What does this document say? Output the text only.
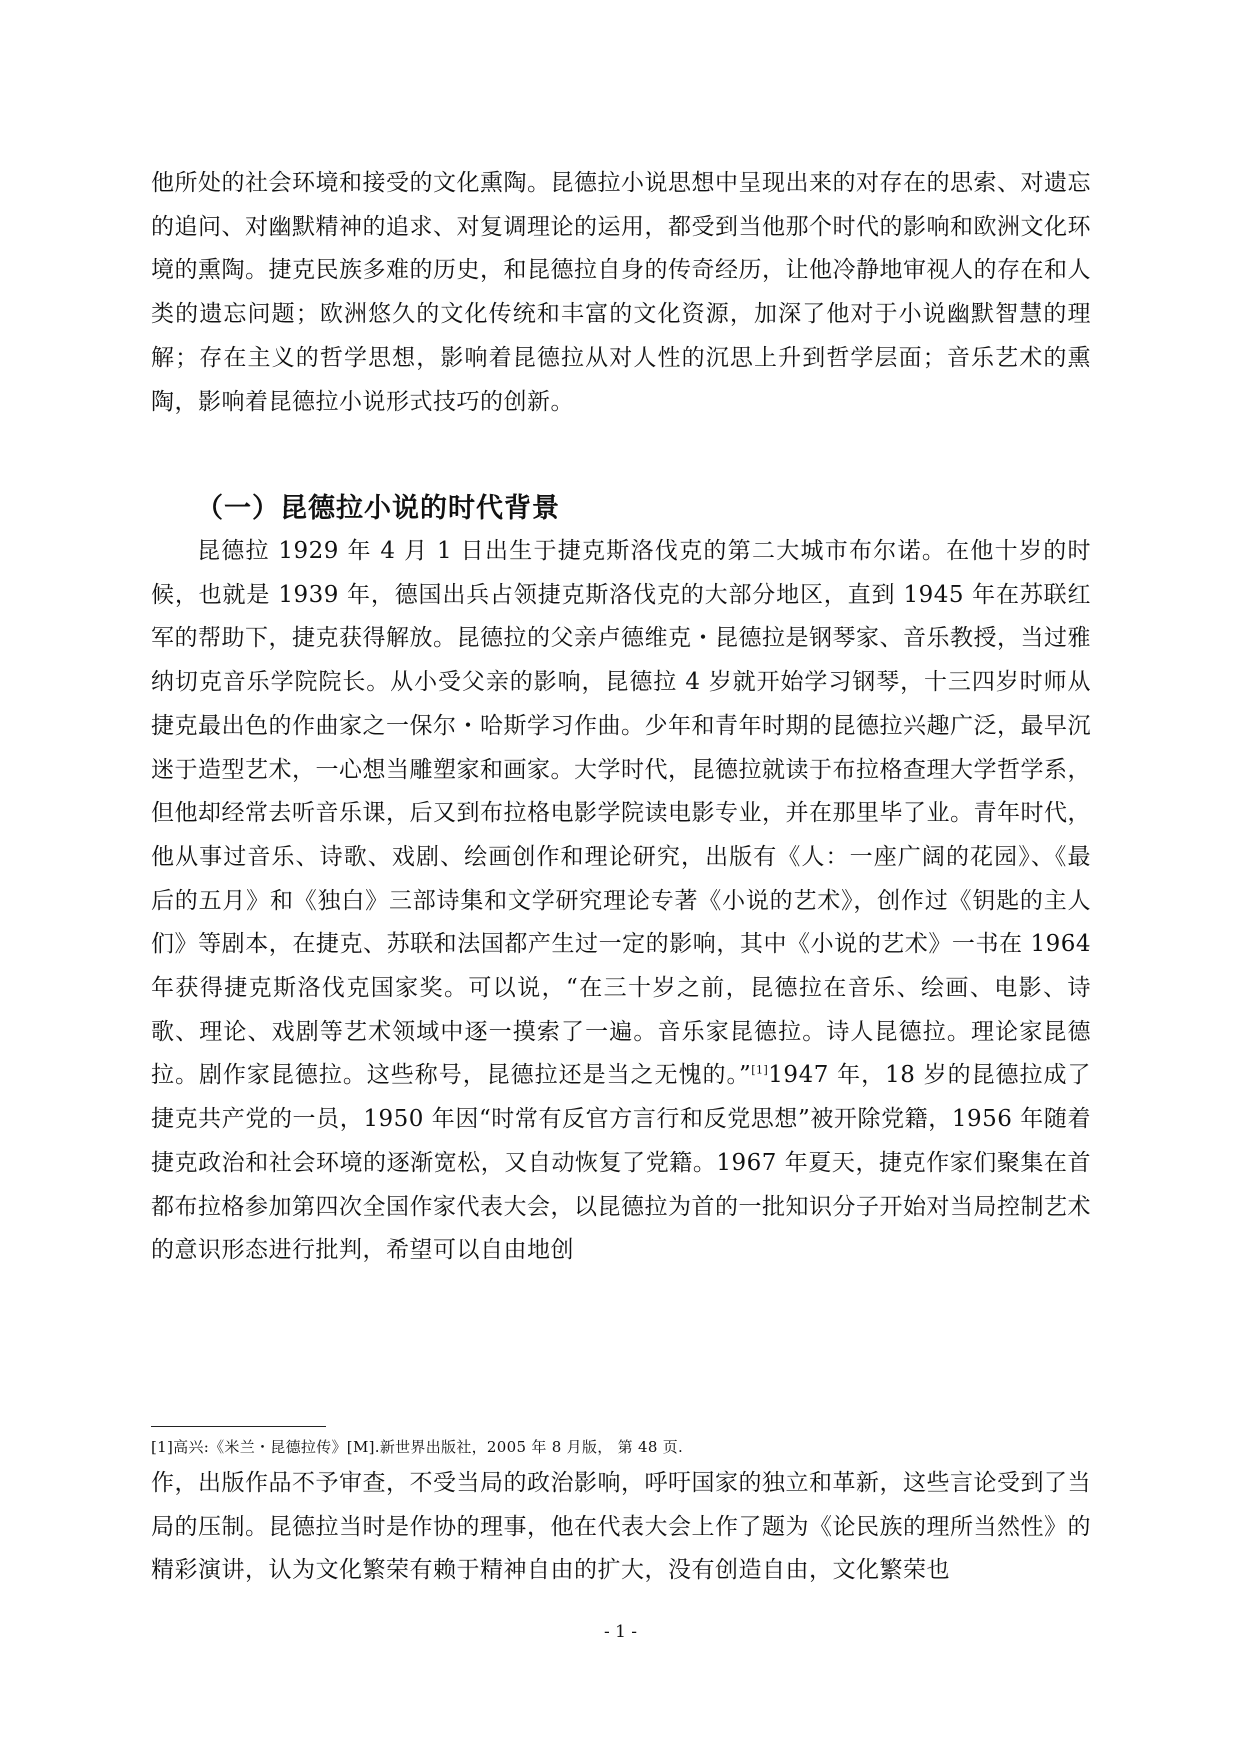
他所处的社会环境和接受的文化熏陶。昆德拉小说思想中呈现出来的对存在的思索、对遗忘的追问、对幽默精神的追求、对复调理论的运用，都受到当他那个时代的影响和欧洲文化环境的熏陶。捷克民族多难的历史，和昆德拉自身的传奇经历，让他冷静地审视人的存在和人类的遗忘问题；欧洲悠久的文化传统和丰富的文化资源，加深了他对于小说幽默智慧的理解；存在主义的哲学思想，影响着昆德拉从对人性的沉思上升到哲学层面；音乐艺术的熏陶，影响着昆德拉小说形式技巧的创新。

（一）昆德拉小说的时代背景

昆德拉 1929 年 4 月 1 日出生于捷克斯洛伐克的第二大城市布尔诺。在他十岁的时候，也就是 1939 年，德国出兵占领捷克斯洛伐克的大部分地区，直到 1945 年在苏联红军的帮助下，捷克获得解放。昆德拉的父亲卢德维克・昆德拉是钢琴家、音乐教授，当过雅纳切克音乐学院院长。从小受父亲的影响，昆德拉 4 岁就开始学习钢琴，十三四岁时师从捷克最出色的作曲家之一保尔・哈斯学习作曲。少年和青年时期的昆德拉兴趣广泛，最早沉迷于造型艺术，一心想当雕塑家和画家。大学时代，昆德拉就读于布拉格查理大学哲学系，但他却经常去听音乐课，后又到布拉格电影学院读电影专业，并在那里毕了业。青年时代，他从事过音乐、诗歌、戏剧、绘画创作和理论研究，出版有《人：一座广阔的花园》、《最后的五月》和《独白》三部诗集和文学研究理论专著《小说的艺术》，创作过《钥匙的主人们》等剧本，在捷克、苏联和法国都产生过一定的影响，其中《小说的艺术》一书在 1964 年获得捷克斯洛伐克国家奖。可以说，“在三十岁之前，昆德拉在音乐、绘画、电影、诗歌、理论、戏剧等艺术领域中逐一摸索了一遍。音乐家昆德拉。诗人昆德拉。理论家昆德拉。剧作家昆德拉。这些称号，昆德拉还是当之无愧的。”[1]1947 年，18 岁的昆德拉成了捷克共产党的一员，1950 年因“时常有反官方言行和反党思想”被开除党籍，1956 年随着捷克政治和社会环境的逐渐宽松，又自动恢复了党籍。1967 年夏天，捷克作家们聚集在首都布拉格参加第四次全国作家代表大会，以昆德拉为首的一批知识分子开始对当局控制艺术的意识形态进行批判，希望可以自由地创

[1]高兴:《米兰・昆德拉传》[M].新世界出版社，2005 年 8 月版， 第 48 页.

作，出版作品不予审查，不受当局的政治影响，呼吁国家的独立和革新，这些言论受到了当局的压制。昆德拉当时是作协的理事，他在代表大会上作了题为《论民族的理所当然性》的精彩演讲，认为文化繁荣有赖于精神自由的扩大，没有创造自由，文化繁荣也

- 1 -
